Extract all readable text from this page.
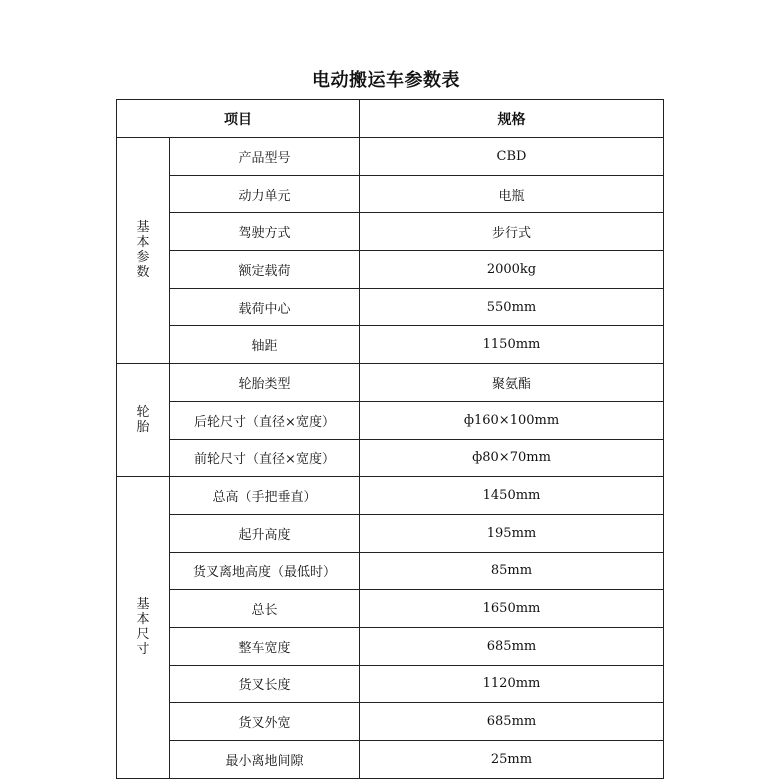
电动搬运车参数表
项目		规格
基本参数	产品型号	CBD
	动力单元	电瓶
	驾驶方式	步行式
	额定载荷	2000kg
	载荷中心	550mm
	轴距	1150mm
轮胎	轮胎类型	聚氨酯
	后轮尺寸（直径×宽度）	ф160×100mm
	前轮尺寸（直径×宽度）	ф80×70mm
基本尺寸	总高（手把垂直）	1450mm
	起升高度	195mm
	货叉离地高度（最低时）	85mm
	总长	1650mm
	整车宽度	685mm
	货叉长度	1120mm
	货叉外宽	685mm
	最小离地间隙	25mm
